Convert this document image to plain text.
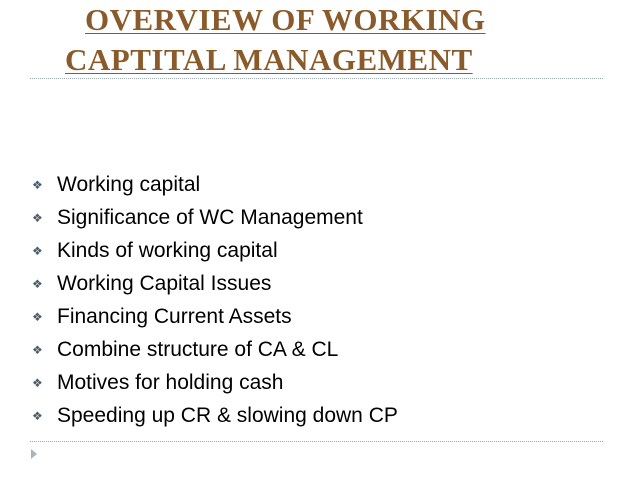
OVERVIEW OF WORKING
CAPTITAL MANAGEMENT
❖ Working capital
❖ Significance of WC Management
❖ Kinds of working capital
❖ Working Capital Issues
❖ Financing Current Assets
❖ Combine structure of CA & CL
❖ Motives for holding cash
❖ Speeding up CR & slowing down CP
